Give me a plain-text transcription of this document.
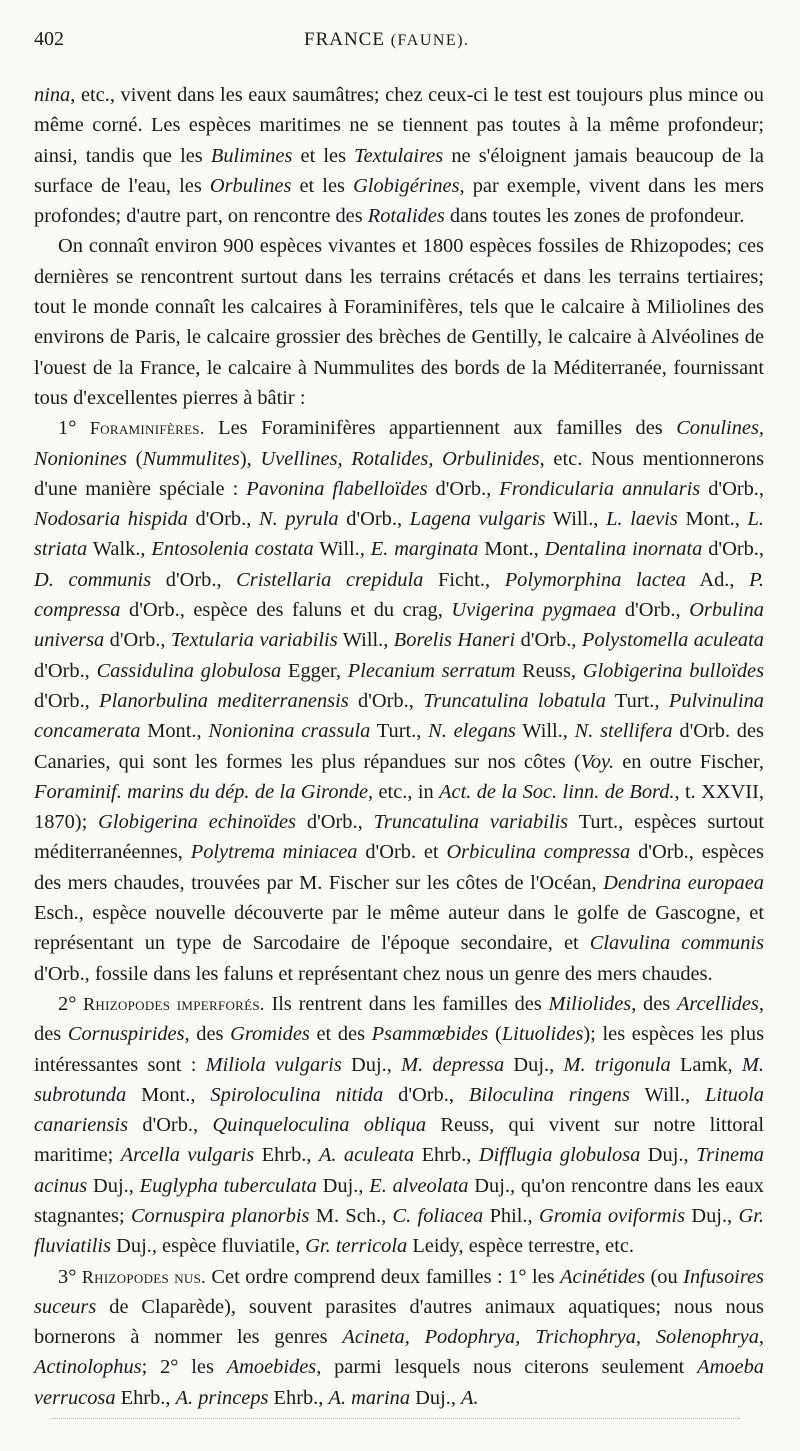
402	FRANCE (FAUNE).

nina, etc., vivent dans les eaux saumâtres; chez ceux-ci le test est toujours plus mince ou même corné. Les espèces maritimes ne se tiennent pas toutes à la même profondeur; ainsi, tandis que les Bulimines et les Textulaires ne s'éloignent jamais beaucoup de la surface de l'eau, les Orbulines et les Globigérines, par exemple, vivent dans les mers profondes; d'autre part, on rencontre des Rotalides dans toutes les zones de profondeur.

On connaît environ 900 espèces vivantes et 1800 espèces fossiles de Rhizopodes; ces dernières se rencontrent surtout dans les terrains crétacés et dans les terrains tertiaires; tout le monde connaît les calcaires à Foraminifères, tels que le calcaire à Miliolines des environs de Paris, le calcaire grossier des brèches de Gentilly, le calcaire à Alvéolines de l'ouest de la France, le calcaire à Nummulites des bords de la Méditerranée, fournissant tous d'excellentes pierres à bâtir :

1° Foraminifères. Les Foraminifères appartiennent aux familles des Conulines, Nonionines (Nummulites), Uvellines, Rotalides, Orbulinides, etc. Nous mentionnerons d'une manière spéciale : Pavonina flabelloïdes d'Orb., Frondicularia annularis d'Orb., Nodosaria hispida d'Orb., N. pyrula d'Orb., Lagena vulgaris Will., L. laevis Mont., L. striata Walk., Entosolenia costata Will., E. marginata Mont., Dentalina inornata d'Orb., D. communis d'Orb., Cristellaria crepidula Ficht., Polymorphina lactea Ad., P. compressa d'Orb., espèce des faluns et du crag, Uvigerina pygmaea d'Orb., Orbulina universa d'Orb., Textularia variabilis Will., Borelis Haneri d'Orb., Polystomella aculeata d'Orb., Cassidulina globulosa Egger, Plecanium serratum Reuss, Globigerina bulloïdes d'Orb., Planorbulina mediterranensis d'Orb., Truncatulina lobatula Turt., Pulvinulina concamerata Mont., Nonionina crassula Turt., N. elegans Will., N. stellifera d'Orb. des Canaries, qui sont les formes les plus répandues sur nos côtes (Voy. en outre Fischer, Foraminif. marins du dép. de la Gironde, etc., in Act. de la Soc. linn. de Bord., t. XXVII, 1870); Globigerina echinoïdes d'Orb., Truncatulina variabilis Turt., espèces surtout méditerranéennes, Polytrema miniacea d'Orb. et Orbiculina compressa d'Orb., espèces des mers chaudes, trouvées par M. Fischer sur les côtes de l'Océan, Dendrina europaea Esch., espèce nouvelle découverte par le même auteur dans le golfe de Gascogne, et représentant un type de Sarcodaire de l'époque secondaire, et Clavulina communis d'Orb., fossile dans les faluns et représentant chez nous un genre des mers chaudes.

2° Rhizopodes imperforés. Ils rentrent dans les familles des Miliolides, des Arcellides, des Cornuspirides, des Gromides et des Psammœbides (Lituolides); les espèces les plus intéressantes sont : Miliola vulgaris Duj., M. depressa Duj., M. trigonula Lamk, M. subrotunda Mont., Spiroloculina nitida d'Orb., Biloculina ringens Will., Lituola canariensis d'Orb., Quinqueloculina obliqua Reuss, qui vivent sur notre littoral maritime; Arcella vulgaris Ehrb., A. aculeata Ehrb., Difflugia globulosa Duj., Trinema acinus Duj., Euglypha tuberculata Duj., E. alveolata Duj., qu'on rencontre dans les eaux stagnantes; Cornuspira planorbis M. Sch., C. foliacea Phil., Gromia oviformis Duj., Gr. fluviatilis Duj., espèce fluviatile, Gr. terricola Leidy, espèce terrestre, etc.

3° Rhizopodes nus. Cet ordre comprend deux familles : 1° les Acinétides (ou Infusoires suceurs de Claparède), souvent parasites d'autres animaux aquatiques; nous nous bornerons à nommer les genres Acineta, Podophrya, Trichophrya, Solenophrya, Actinolophus; 2° les Amoebides, parmi lesquels nous citerons seulement Amoeba verrucosa Ehrb., A. princeps Ehrb., A. marina Duj., A.
